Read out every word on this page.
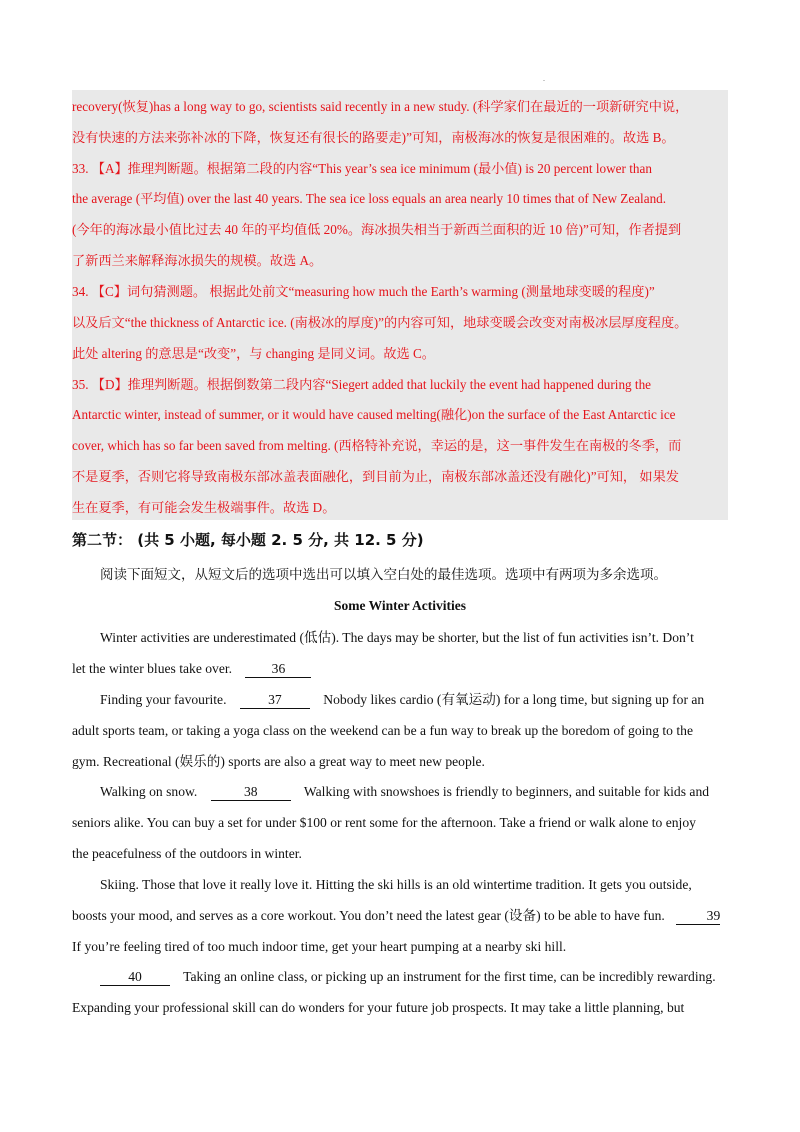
.
recovery(恢复)has a long way to go, scientists said recently in a new study. (科学家们在最近的一项新研究中说，
没有快速的方法来弥补冰的下降，恢复还有很长的路要走)”可知，南极海冰的恢复是很困难的。故选 B。
33. 【A】推理判断题。根据第二段的内容“This year’s sea ice minimum (最小值) is 20 percent lower than
the average (平均值) over the last 40 years. The sea ice loss equals an area nearly 10 times that of New Zealand.
(今年的海冰最小值比过去 40 年的平均值低 20%。海冰损失相当于新西兰面积的近 10 倍)”可知，作者提到
了新西兰来解释海冰损失的规模。故选 A。
34. 【C】词句猜测题。 根据此处前文“measuring how much the Earth’s warming (测量地球变暖的程度)”
以及后文“the thickness of Antarctic ice. (南极冰的厚度)”的内容可知，地球变暖会改变对南极冰层厚度程度。
此处 altering 的意思是“改变”，与 changing 是同义词。故选 C。
35. 【D】推理判断题。根据倒数第二段内容“Siegert added that luckily the event had happened during the
Antarctic winter, instead of summer, or it would have caused melting(融化)on the surface of the East Antarctic ice
cover, which has so far been saved from melting. (西格特补充说，幸运的是，这一事件发生在南极的冬季，而
不是夏季，否则它将导致南极东部冰盖表面融化，到目前为止，南极东部冰盖还没有融化)”可知， 如果发
生在夏季，有可能会发生极端事件。故选 D。
第二节： (共 5 小题, 每小题 2. 5 分, 共 12. 5 分)
阅读下面短文，从短文后的选项中选出可以填入空白处的最佳选项。选项中有两项为多余选项。
Some Winter Activities
Winter activities are underestimated (低估). The days may be shorter, but the list of fun activities isn’t. Don’t
let the winter blues take over.	36
Finding your favourite.	37	Nobody likes cardio (有氧运动) for a long time, but signing up for an
adult sports team, or taking a yoga class on the weekend can be a fun way to break up the boredom of going to the
gym. Recreational (娱乐的) sports are also a great way to meet new people.
Walking on snow.	38	Walking with snowshoes is friendly to beginners, and suitable for kids and
seniors alike. You can buy a set for under $100 or rent some for the afternoon. Take a friend or walk alone to enjoy
the peacefulness of the outdoors in winter.
Skiing. Those that love it really love it. Hitting the ski hills is an old wintertime tradition. It gets you outside,
boosts your mood, and serves as a core workout. You don’t need the latest gear (设备) to be able to have fun.	39
If you’re feeling tired of too much indoor time, get your heart pumping at a nearby ski hill.
40	Taking an online class, or picking up an instrument for the first time, can be incredibly rewarding.
Expanding your professional skill can do wonders for your future job prospects. It may take a little planning, but
